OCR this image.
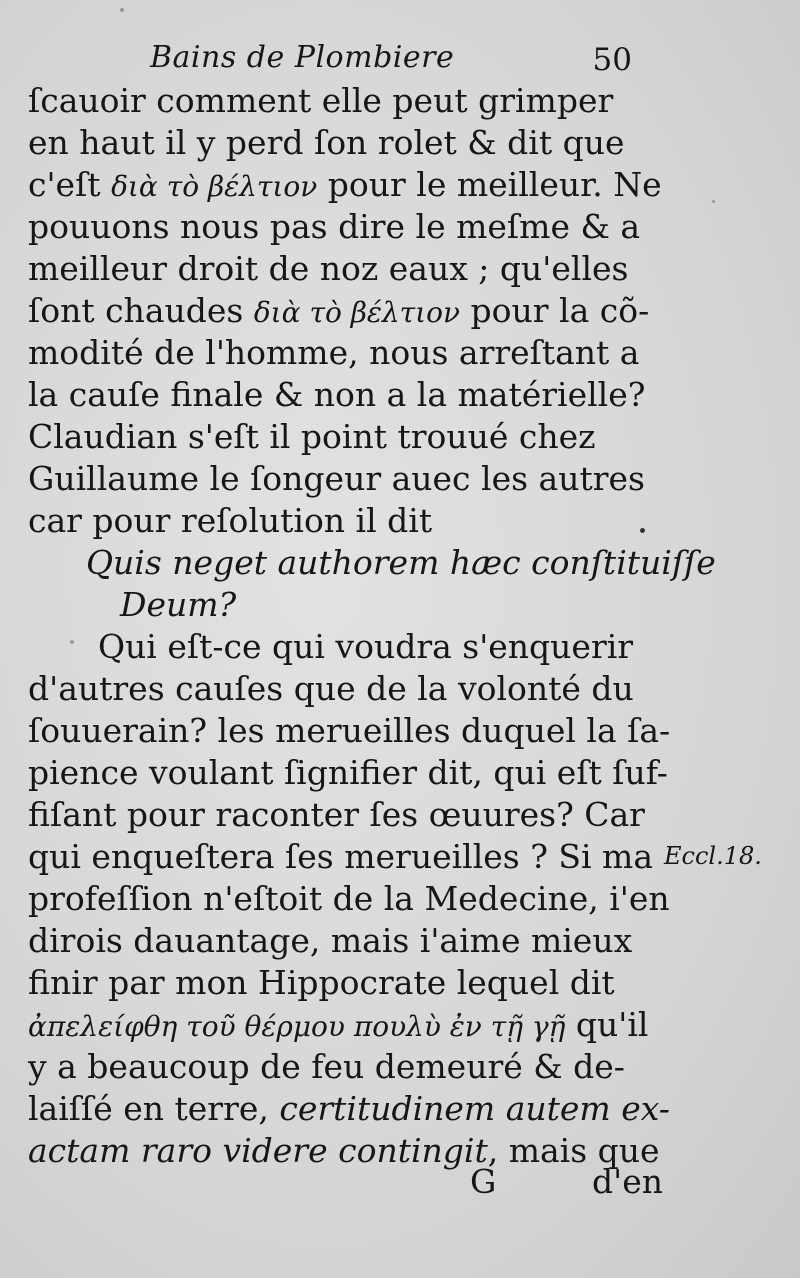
Bains de Plombiere	50
ſcauoir comment elle peut grimper
en haut il y perd ſon rolet & dit que
c'eſt διὰ τὸ βέλτιον pour le meilleur. Ne
pouuons nous pas dire le meſme & a
meilleur droit de noz eaux ; qu'elles
ſont chaudes διὰ τὸ βέλτιον pour la cõ-
modité de l'homme, nous arreſtant a
la cauſe finale & non a la matérielle?
Claudian s'eſt il point trouué chez
Guillaume le ſongeur auec les autres
car pour reſolution il dit
Quis neget authorem hæc conſtituiſſe
Deum?
Qui eſt-ce qui voudra s'enquerir
d'autres cauſes que de la volonté du
ſouuerain? les merueilles duquel la ſa-
pience voulant ſignifier dit, qui eſt ſuf-
fiſant pour raconter ſes œuures? Car
qui enqueſtera ſes merueilles ? Si ma
profeſſion n'eſtoit de la Medecine, i'en
dirois dauantage, mais i'aime mieux
finir par mon Hippocrate lequel dit
ἀπελείφθη τοῦ θέρμου πουλὺ ἐν τῇ γῇ qu'il
y a beaucoup de feu demeuré & de-
laiſſé en terre, certitudinem autem ex-
actam raro videre contingit, mais que
Eccl.18.
G	d'en
